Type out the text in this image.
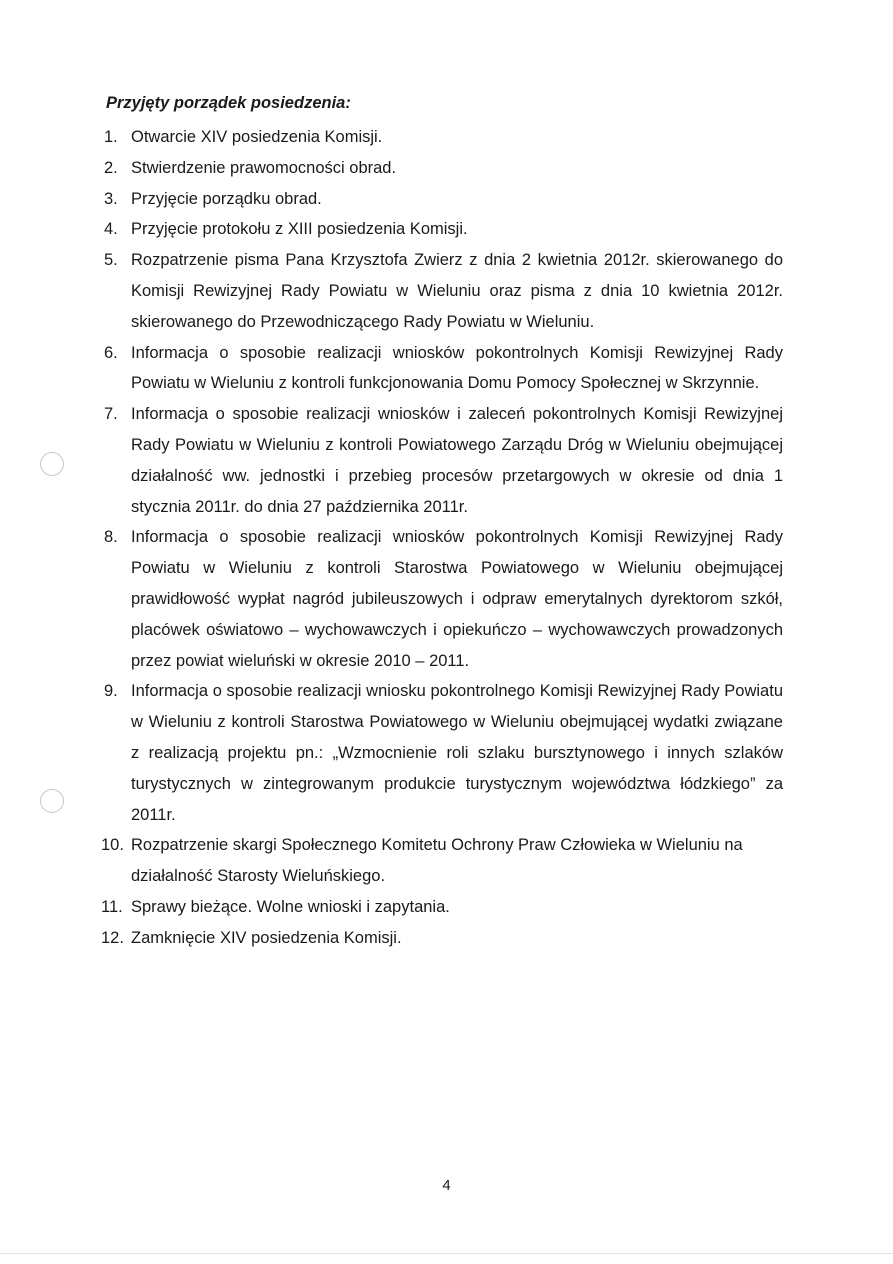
Przyjęty porządek posiedzenia:

1. Otwarcie XIV posiedzenia Komisji.
2. Stwierdzenie prawomocności obrad.
3. Przyjęcie porządku obrad.
4. Przyjęcie protokołu z XIII posiedzenia Komisji.
5. Rozpatrzenie pisma Pana Krzysztofa Zwierz z dnia 2 kwietnia 2012r. skierowanego do Komisji Rewizyjnej Rady Powiatu w Wieluniu oraz pisma z dnia 10 kwietnia 2012r. skierowanego do Przewodniczącego Rady Powiatu w Wieluniu.
6. Informacja o sposobie realizacji wniosków pokontrolnych Komisji Rewizyjnej Rady Powiatu w Wieluniu z kontroli funkcjonowania Domu Pomocy Społecznej w Skrzynnie.
7. Informacja o sposobie realizacji wniosków i zaleceń pokontrolnych Komisji Rewizyjnej Rady Powiatu w Wieluniu z kontroli Powiatowego Zarządu Dróg w Wieluniu obejmującej działalność ww. jednostki i przebieg procesów przetargowych w okresie od dnia 1 stycznia 2011r. do dnia 27 października 2011r.
8. Informacja o sposobie realizacji wniosków pokontrolnych Komisji Rewizyjnej Rady Powiatu w Wieluniu z kontroli Starostwa Powiatowego w Wieluniu obejmującej prawidłowość wypłat nagród jubileuszowych i odpraw emerytalnych dyrektorom szkół, placówek oświatowo – wychowawczych i opiekuńczo – wychowawczych prowadzonych przez powiat wieluński w okresie 2010 – 2011.
9. Informacja o sposobie realizacji wniosku pokontrolnego Komisji Rewizyjnej Rady Powiatu w Wieluniu z kontroli Starostwa Powiatowego w Wieluniu obejmującej wydatki związane z realizacją projektu pn.: „Wzmocnienie roli szlaku bursztynowego i innych szlaków turystycznych w zintegrowanym produkcie turystycznym województwa łódzkiego” za 2011r.
10. Rozpatrzenie skargi Społecznego Komitetu Ochrony Praw Człowieka w Wieluniu na działalność Starosty Wieluńskiego.
11. Sprawy bieżące. Wolne wnioski i zapytania.
12. Zamknięcie XIV posiedzenia Komisji.
4
